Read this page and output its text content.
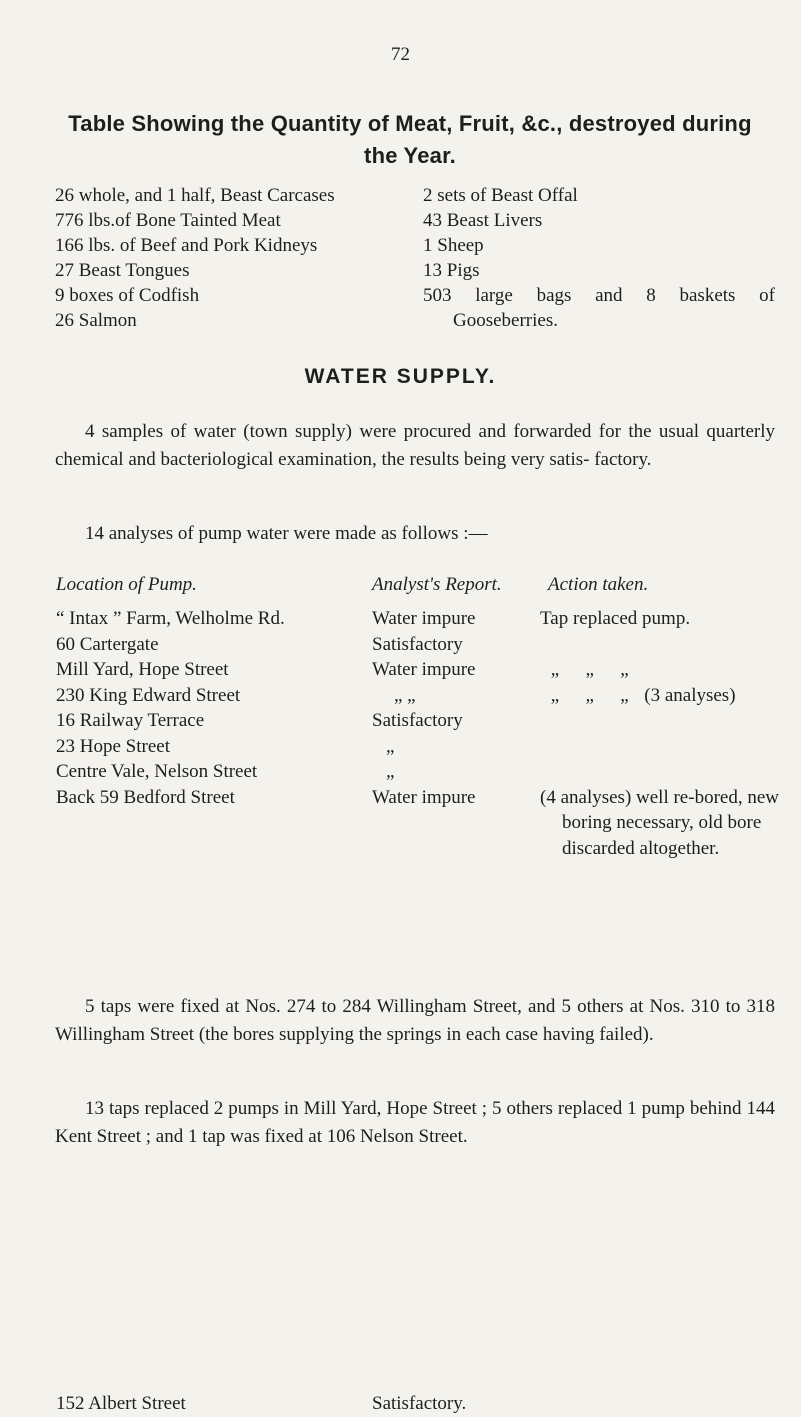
72
Table Showing the Quantity of Meat, Fruit, &c., destroyed during
the Year.
26 whole, and 1 half, Beast Carcases
776 lbs.of Bone Tainted Meat
166 lbs. of Beef and Pork Kidneys
27 Beast Tongues
9 boxes of Codfish
26 Salmon
2 sets of Beast Offal
43 Beast Livers
1 Sheep
13 Pigs
503 large bags and 8 baskets of
Gooseberries.
WATER SUPPLY.
4 samples of water (town supply) were procured and forwarded for the usual quarterly chemical and bacteriological examination, the results being very satis- factory.
14 analyses of pump water were made as follows :—
Location of Pump.	Analyst's Report. Action taken.
“ Intax ” Farm, Welholme Rd.
60 Cartergate
Mill Yard, Hope Street
230 King Edward Street
16 Railway Terrace
23 Hope Street
Centre Vale, Nelson Street
Back 59 Bedford Street
152 Albert Street
Water impure
Satisfactory
Water impure
„ „
Satisfactory
„
„
Water impure
Satisfactory.
Tap replaced pump.
„ „ „
„ „ „ (3 analyses)
(4 analyses) well re-bored, new
boring necessary, old bore
discarded altogether.
5 taps were fixed at Nos. 274 to 284 Willingham Street, and 5 others at Nos. 310 to 318 Willingham Street (the bores supplying the springs in each case having failed).
13 taps replaced 2 pumps in Mill Yard, Hope Street ; 5 others replaced 1 pump behind 144 Kent Street ; and 1 tap was fixed at 106 Nelson Street.
